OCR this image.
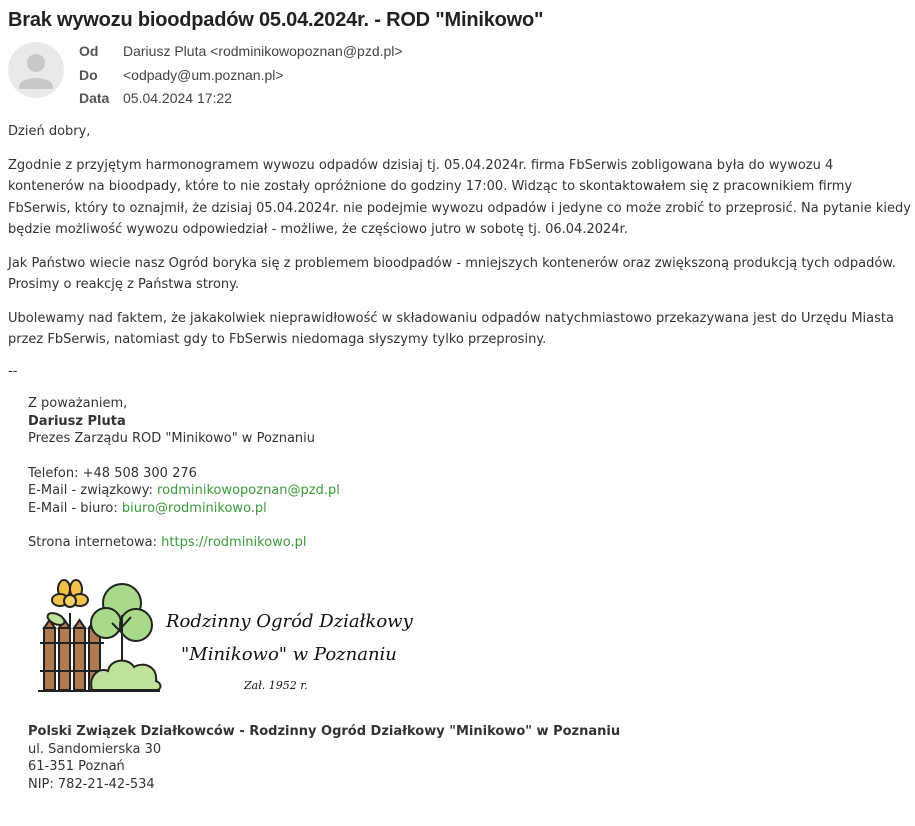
Brak wywozu bioodpadów 05.04.2024r. - ROD "Minikowo"
Od Dariusz Pluta <rodminikowopoznan@pzd.pl>
Do <odpady@um.poznan.pl>
Data 05.04.2024 17:22

Dzień dobry,

Zgodnie z przyjętym harmonogramem wywozu odpadów dzisiaj tj. 05.04.2024r. firma FbSerwis zobligowana była do wywozu 4 kontenerów na bioodpady, które to nie zostały opróżnione do godziny 17:00. Widząc to skontaktowałem się z pracownikiem firmy FbSerwis, który to oznajmił, że dzisiaj 05.04.2024r. nie podejmie wywozu odpadów i jedyne co może zrobić to przeprosić. Na pytanie kiedy będzie możliwość wywozu odpowiedział - możliwe, że częściowo jutro w sobotę tj. 06.04.2024r.

Jak Państwo wiecie nasz Ogród boryka się z problemem bioodpadów - mniejszych kontenerów oraz zwiększoną produkcją tych odpadów. Prosimy o reakcję z Państwa strony.

Ubolewamy nad faktem, że jakakolwiek nieprawidłowość w składowaniu odpadów natychmiastowo przekazywana jest do Urzędu Miasta przez FbSerwis, natomiast gdy to FbSerwis niedomaga słyszymy tylko przeprosiny.

--

Z poważaniem,
Dariusz Pluta
Prezes Zarządu ROD "Minikowo" w Poznaniu
Telefon: +48 508 300 276
E-Mail - związkowy: rodminikowopoznan@pzd.pl
E-Mail - biuro: biuro@rodminikowo.pl
Strona internetowa: https://rodminikowo.pl
Rodzinny Ogród Działkowy
"Minikowo" w Poznaniu
Zał. 1952 r.
Polski Związek Działkowców - Rodzinny Ogród Działkowy "Minikowo" w Poznaniu
ul. Sandomierska 30
61-351 Poznań
NIP: 782-21-42-534
